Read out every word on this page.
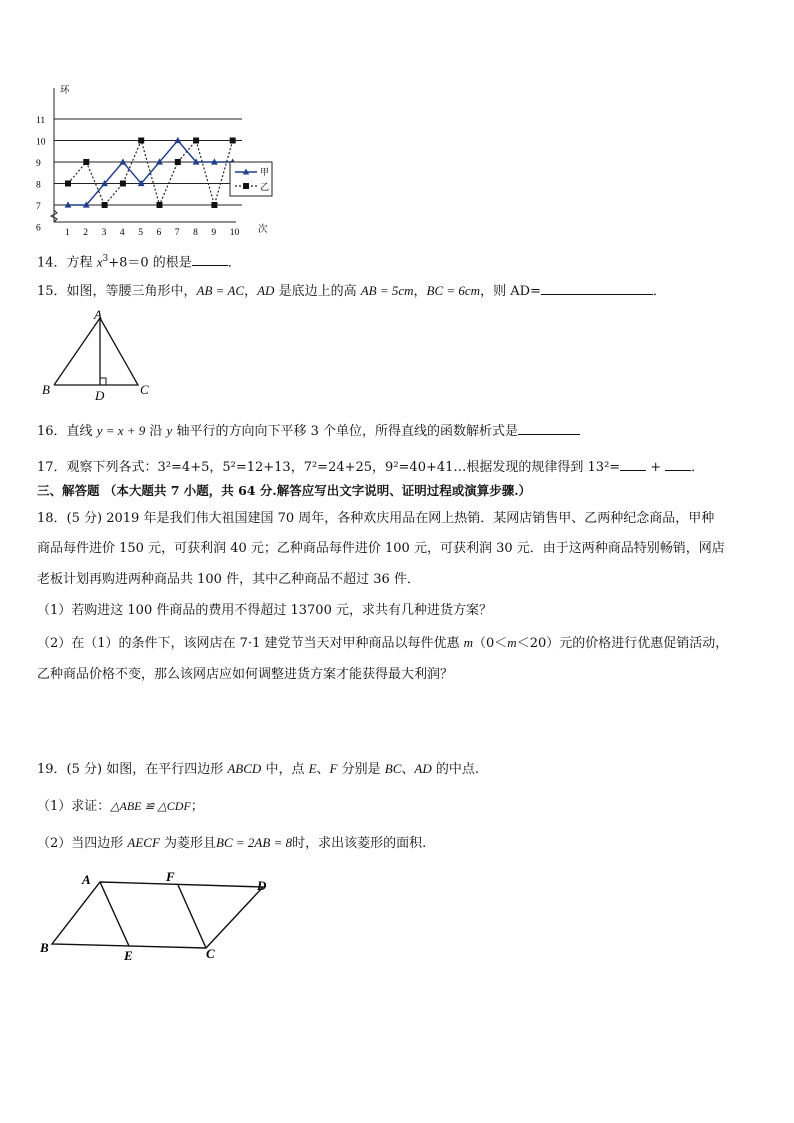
6
7
8
9
10
11
1 2 3 4 5 6 7 8 9 10
环
次
甲
乙
14．方程 $x^3+8=0$ 的根是	．
15．如图，等腰三角形中，AB = AC，AD 是底边上的高 AB = 5cm，BC = 6cm，则 AD=	．
A
B	C
D
16．直线 y = x + 9 沿 y 轴平行的方向向下平移 3 个单位，所得直线的函数解析式是
17．观察下列各式：3²=4+5，5²=12+13，7²=24+25，9²=40+41…根据发现的规律得到 13²= + ．
三、解答题 （本大题共 7 小题，共 64 分.解答应写出文字说明、证明过程或演算步骤.）
18．(5 分) 2019 年是我们伟大祖国建国 70 周年，各种欢庆用品在网上热销．某网店销售甲、乙两种纪念商品，甲种
商品每件进价 150 元，可获利润 40 元；乙种商品每件进价 100 元，可获利润 30 元．由于这两种商品特别畅销，网店
老板计划再购进两种商品共 100 件，其中乙种商品不超过 36 件．
（1）若购进这 100 件商品的费用不得超过 13700 元，求共有几种进货方案？
（2）在（1）的条件下，该网店在 7·1 建党节当天对甲种商品以每件优惠 m（0＜m＜20）元的价格进行优惠促销活动，
乙种商品价格不变，那么该网店应如何调整进货方案才能获得最大利润？
19．(5 分) 如图，在平行四边形 ABCD 中，点 E、F 分别是 BC、AD 的中点.
（1）求证：△ABE ≌ △CDF；
（2）当四边形 AECF 为菱形且BC = 2AB = 8时，求出该菱形的面积.
A	F
D
B
E	C
